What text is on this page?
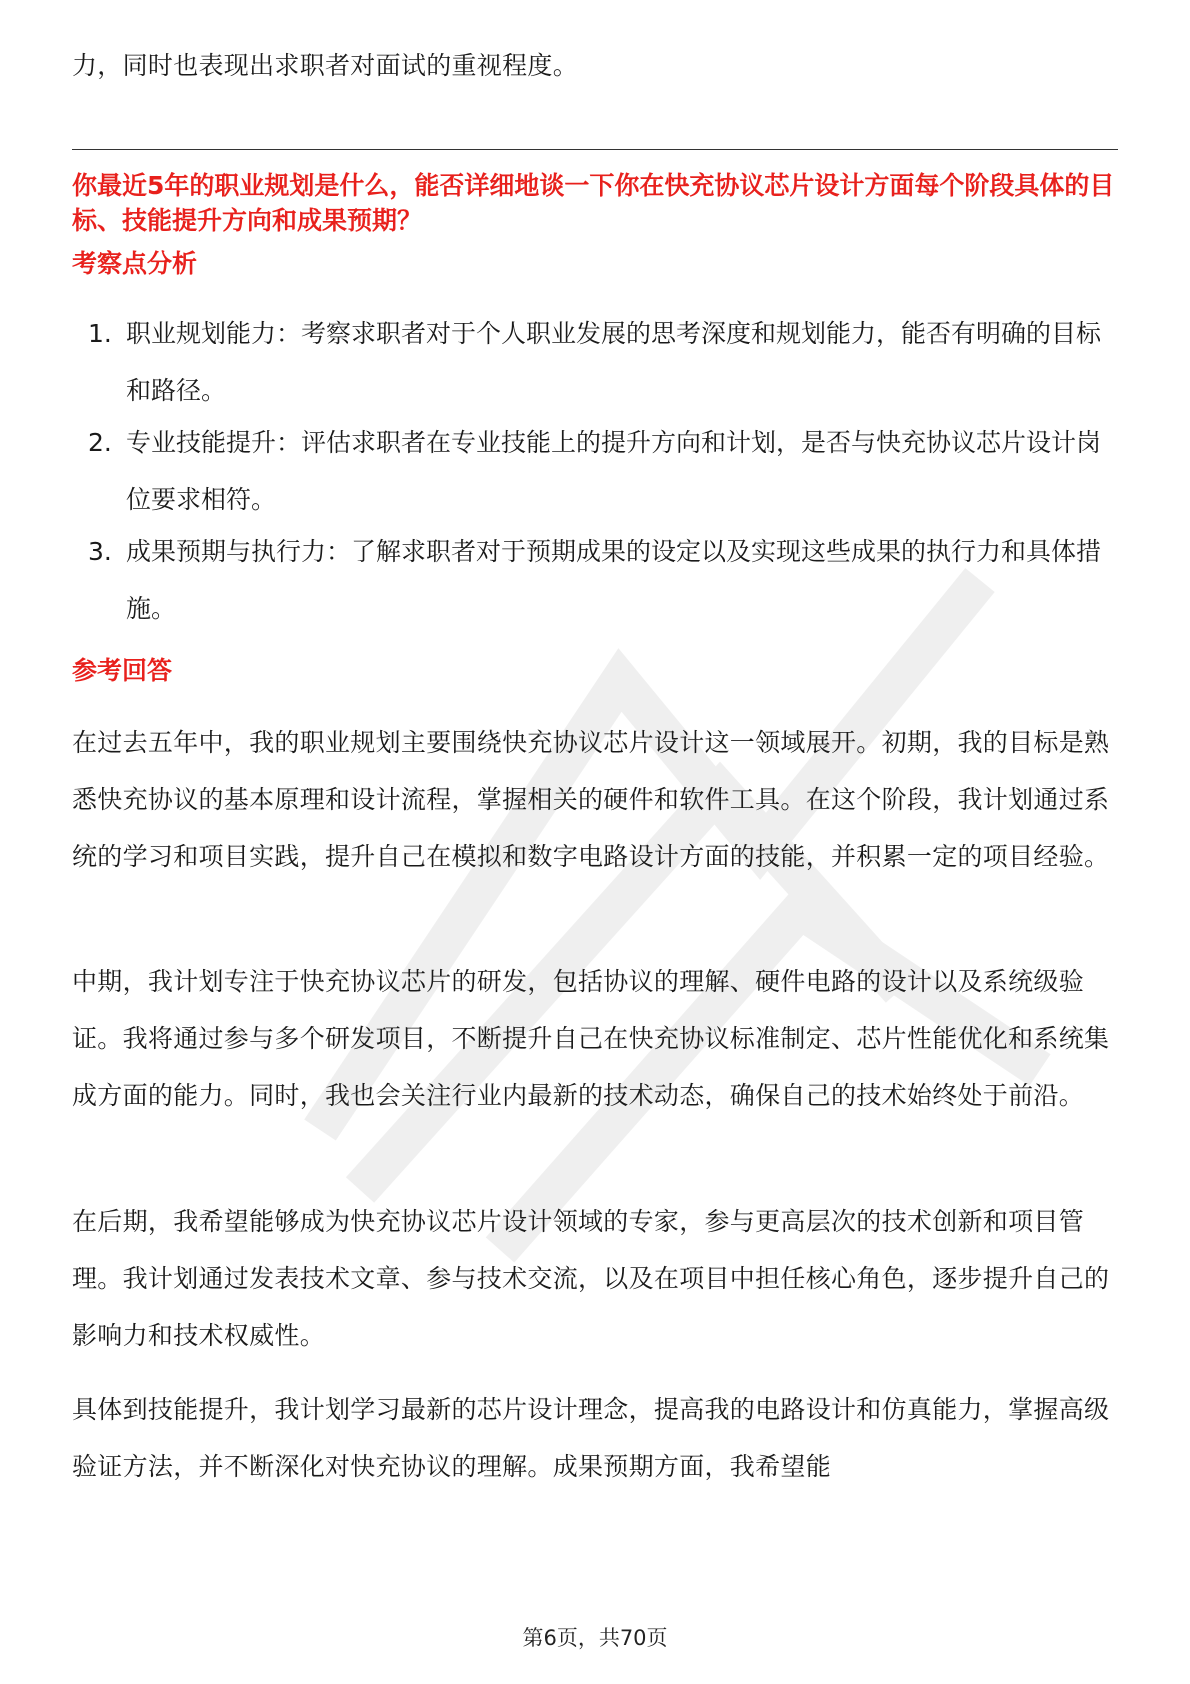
力，同时也表现出求职者对面试的重视程度。

你最近5年的职业规划是什么，能否详细地谈一下你在快充协议芯片设计方面每个阶段具体的目标、技能提升方向和成果预期？

考察点分析

1. 职业规划能力：考察求职者对于个人职业发展的思考深度和规划能力，能否有明确的目标和路径。
2. 专业技能提升：评估求职者在专业技能上的提升方向和计划，是否与快充协议芯片设计岗位要求相符。
3. 成果预期与执行力：了解求职者对于预期成果的设定以及实现这些成果的执行力和具体措施。

参考回答

在过去五年中，我的职业规划主要围绕快充协议芯片设计这一领域展开。初期，我的目标是熟悉快充协议的基本原理和设计流程，掌握相关的硬件和软件工具。在这个阶段，我计划通过系统的学习和项目实践，提升自己在模拟和数字电路设计方面的技能，并积累一定的项目经验。

中期，我计划专注于快充协议芯片的研发，包括协议的理解、硬件电路的设计以及系统级验证。我将通过参与多个研发项目，不断提升自己在快充协议标准制定、芯片性能优化和系统集成方面的能力。同时，我也会关注行业内最新的技术动态，确保自己的技术始终处于前沿。

在后期，我希望能够成为快充协议芯片设计领域的专家，参与更高层次的技术创新和项目管理。我计划通过发表技术文章、参与技术交流，以及在项目中担任核心角色，逐步提升自己的影响力和技术权威性。

具体到技能提升，我计划学习最新的芯片设计理念，提高我的电路设计和仿真能力，掌握高级验证方法，并不断深化对快充协议的理解。成果预期方面，我希望能

第6页，共70页
